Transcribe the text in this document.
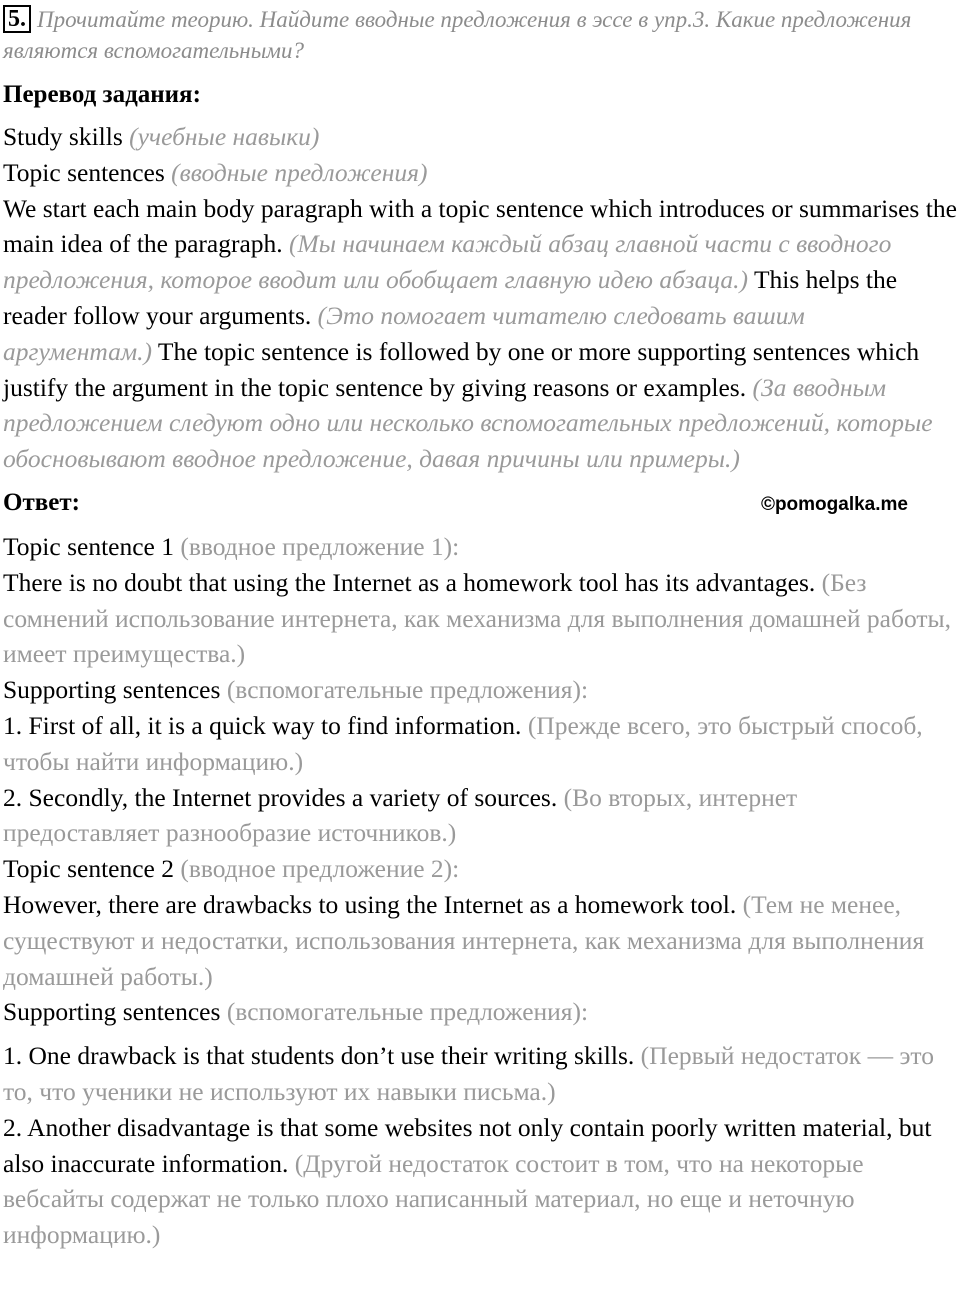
5. Прочитайте теорию. Найдите вводные предложения в эссе в упр.3. Какие предложения являются вспомогательными?

Перевод задания:

Study skills (учебные навыки)

Topic sentences (вводные предложения)

We start each main body paragraph with a topic sentence which introduces or summarises the main idea of the paragraph. (Мы начинаем каждый абзац главной части с вводного предложения, которое вводит или обобщает главную идею абзаца.) This helps the reader follow your arguments. (Это помогает читателю следовать вашим аргументам.) The topic sentence is followed by one or more supporting sentences which justify the argument in the topic sentence by giving reasons or examples. (За вводным предложением следуют одно или несколько вспомогательных предложений, которые обосновывают вводное предложение, давая причины или примеры.)

Ответ:	©pomogalka.me

Topic sentence 1 (вводное предложение 1):

There is no doubt that using the Internet as a homework tool has its advantages. (Без сомнений использование интернета, как механизма для выполнения домашней работы, имеет преимущества.)

Supporting sentences (вспомогательные предложения):

1. First of all, it is a quick way to find information. (Прежде всего, это быстрый способ, чтобы найти информацию.)

2. Secondly, the Internet provides a variety of sources. (Во вторых, интернет предоставляет разнообразие источников.)

Topic sentence 2 (вводное предложение 2):

However, there are drawbacks to using the Internet as a homework tool. (Тем не менее, существуют и недостатки, использования интернета, как механизма для выполнения домашней работы.)

Supporting sentences (вспомогательные предложения):

1. One drawback is that students don’t use their writing skills. (Первый недостаток — это то, что ученики не используют их навыки письма.)

2. Another disadvantage is that some websites not only contain poorly written material, but also inaccurate information. (Другой недостаток состоит в том, что на некоторые вебсайты содержат не только плохо написанный материал, но еще и неточную информацию.)
